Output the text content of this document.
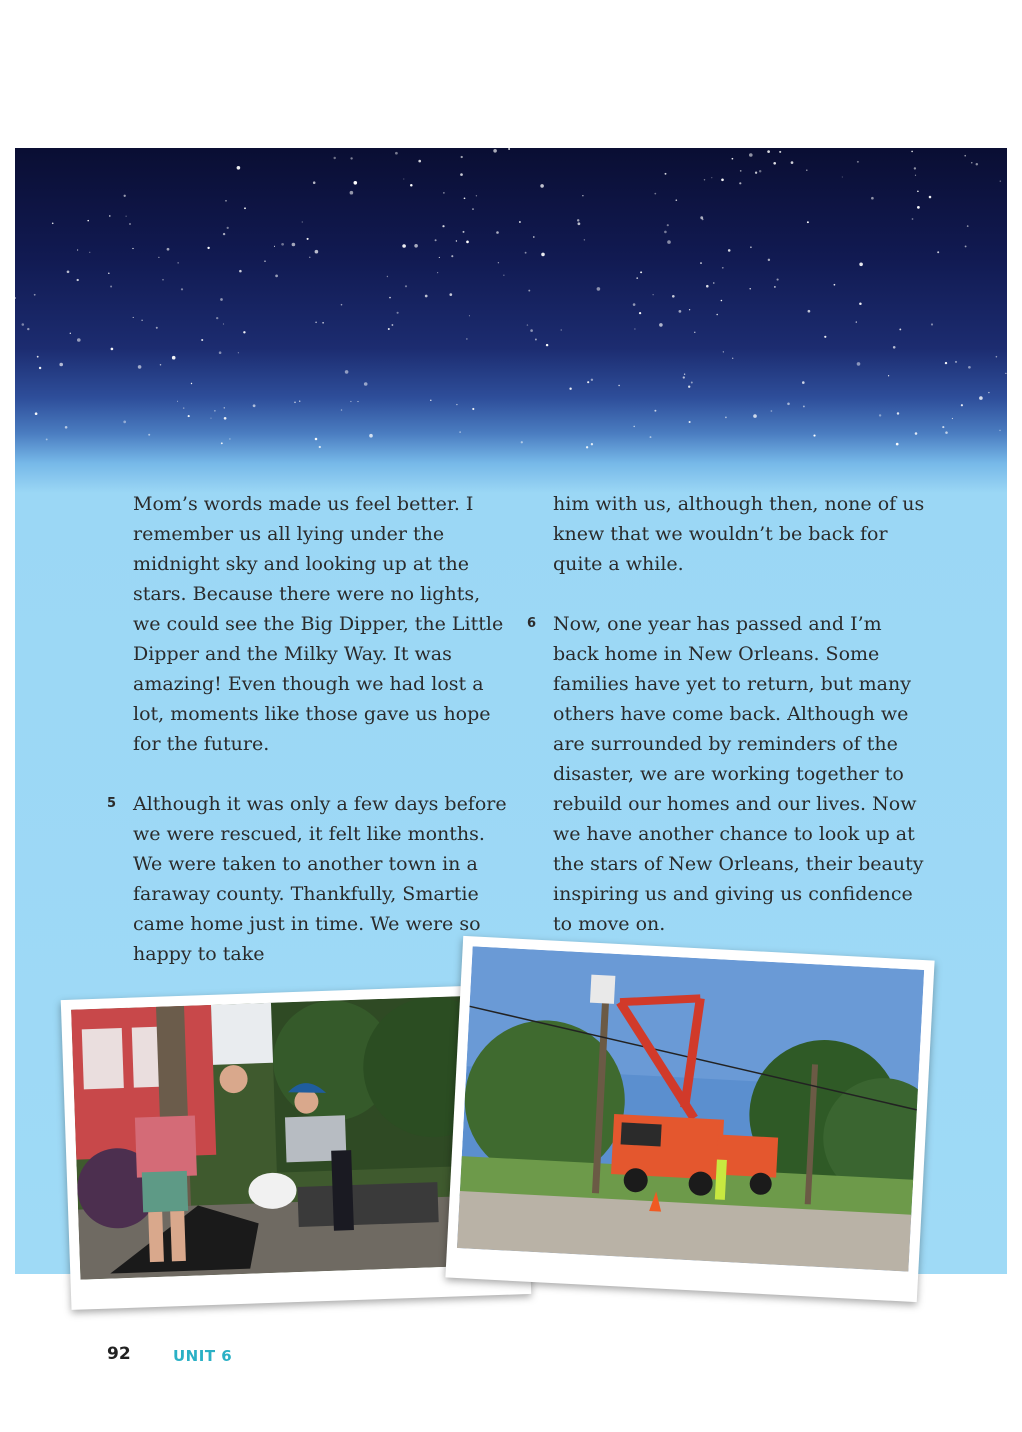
Mom’s words made us feel better. I remember us all lying under the midnight sky and looking up at the stars. Because there were no lights, we could see the Big Dipper, the Little Dipper and the Milky Way. It was amazing! Even though we had lost a lot, moments like those gave us hope for the future.

5 Although it was only a few days before we were rescued, it felt like months. We were taken to another town in a faraway county. Thankfully, Smartie came home just in time. We were so happy to take

him with us, although then, none of us knew that we wouldn’t be back for quite a while.

6 Now, one year has passed and I’m back home in New Orleans. Some families have yet to return, but many others have come back. Although we are surrounded by reminders of the disaster, we are working together to rebuild our homes and our lives. Now we have another chance to look up at the stars of New Orleans, their beauty inspiring us and giving us confidence to move on.

92	UNIT 6
